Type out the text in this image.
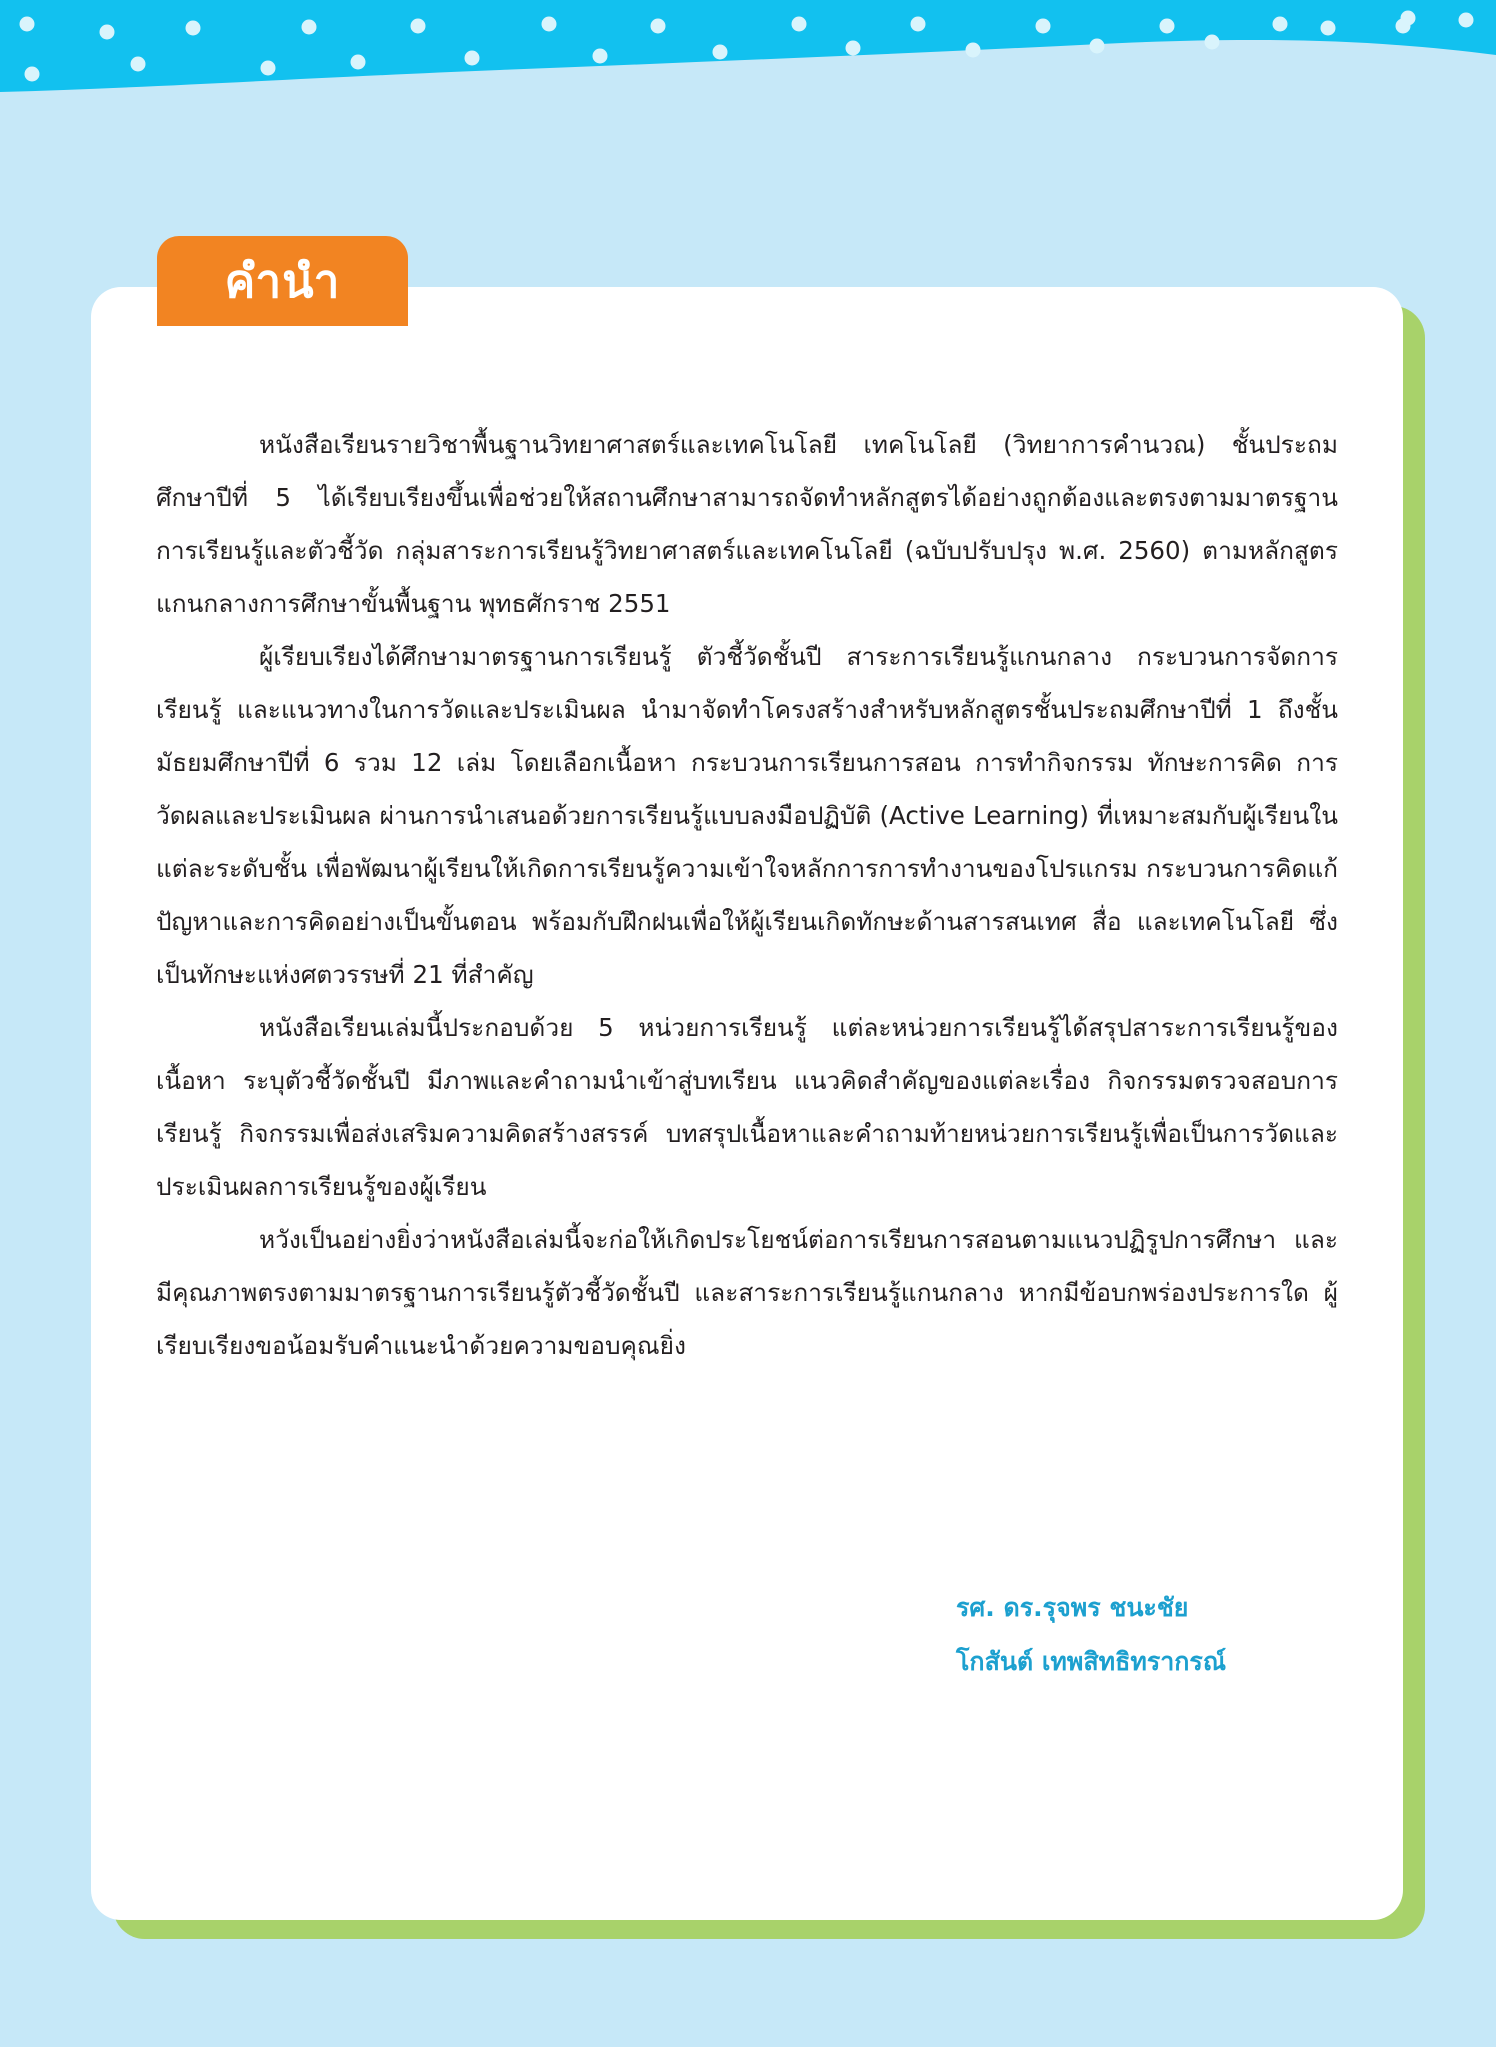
คำนำ

หนังสือเรียนรายวิชาพื้นฐานวิทยาศาสตร์และเทคโนโลยี เทคโนโลยี (วิทยาการคำนวณ) ชั้นประถมศึกษาปีที่ 5 ได้เรียบเรียงขึ้นเพื่อช่วยให้สถานศึกษาสามารถจัดทำหลักสูตรได้อย่างถูกต้องและตรงตามมาตรฐานการเรียนรู้และตัวชี้วัด กลุ่มสาระการเรียนรู้วิทยาศาสตร์และเทคโนโลยี (ฉบับปรับปรุง พ.ศ. 2560) ตามหลักสูตรแกนกลางการศึกษาขั้นพื้นฐาน พุทธศักราช 2551

ผู้เรียบเรียงได้ศึกษามาตรฐานการเรียนรู้ ตัวชี้วัดชั้นปี สาระการเรียนรู้แกนกลาง กระบวนการจัดการเรียนรู้ และแนวทางในการวัดและประเมินผล นำมาจัดทำโครงสร้างสำหรับหลักสูตรชั้นประถมศึกษาปีที่ 1 ถึงชั้นมัธยมศึกษาปีที่ 6 รวม 12 เล่ม โดยเลือกเนื้อหา กระบวนการเรียนการสอน การทำกิจกรรม ทักษะการคิด การวัดผลและประเมินผล ผ่านการนำเสนอด้วยการเรียนรู้แบบลงมือปฏิบัติ (Active Learning) ที่เหมาะสมกับผู้เรียนในแต่ละระดับชั้น เพื่อพัฒนาผู้เรียนให้เกิดการเรียนรู้ความเข้าใจหลักการการทำงานของโปรแกรม กระบวนการคิดแก้ปัญหาและการคิดอย่างเป็นขั้นตอน พร้อมกับฝึกฝนเพื่อให้ผู้เรียนเกิดทักษะด้านสารสนเทศ สื่อ และเทคโนโลยี ซึ่งเป็นทักษะแห่งศตวรรษที่ 21 ที่สำคัญ

หนังสือเรียนเล่มนี้ประกอบด้วย 5 หน่วยการเรียนรู้ แต่ละหน่วยการเรียนรู้ได้สรุปสาระการเรียนรู้ของเนื้อหา ระบุตัวชี้วัดชั้นปี มีภาพและคำถามนำเข้าสู่บทเรียน แนวคิดสำคัญของแต่ละเรื่อง กิจกรรมตรวจสอบการเรียนรู้ กิจกรรมเพื่อส่งเสริมความคิดสร้างสรรค์ บทสรุปเนื้อหาและคำถามท้ายหน่วยการเรียนรู้เพื่อเป็นการวัดและประเมินผลการเรียนรู้ของผู้เรียน

หวังเป็นอย่างยิ่งว่าหนังสือเล่มนี้จะก่อให้เกิดประโยชน์ต่อการเรียนการสอนตามแนวปฏิรูปการศึกษา และมีคุณภาพตรงตามมาตรฐานการเรียนรู้ตัวชี้วัดชั้นปี และสาระการเรียนรู้แกนกลาง หากมีข้อบกพร่องประการใด ผู้เรียบเรียงขอน้อมรับคำแนะนำด้วยความขอบคุณยิ่ง

รศ. ดร.รุจพร ชนะชัย
โกสันต์ เทพสิทธิทรากรณ์
